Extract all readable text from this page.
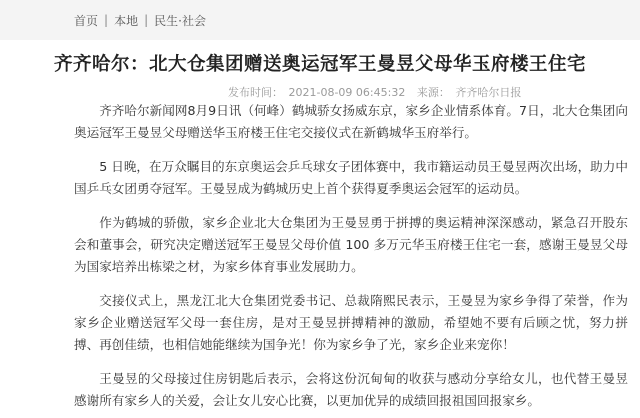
首页 | 本地 | 民生·社会
齐齐哈尔：北大仓集团赠送奥运冠军王曼昱父母华玉府楼王住宅
发布时间：　2021-08-09 06:45:32 来源：　齐齐哈尔日报

齐齐哈尔新闻网8月9日讯（何峰）鹤城骄女扬威东京，家乡企业情系体育。7日，北大仓集团向奥运冠军王曼昱父母赠送华玉府楼王住宅交接仪式在新鹤城华玉府举行。

5 日晚，在万众瞩目的东京奥运会乒乓球女子团体赛中，我市籍运动员王曼昱两次出场，助力中国乒乓女团勇夺冠军。王曼昱成为鹤城历史上首个获得夏季奥运会冠军的运动员。

作为鹤城的骄傲，家乡企业北大仓集团为王曼昱勇于拼搏的奥运精神深深感动，紧急召开股东会和董事会，研究决定赠送冠军王曼昱父母价值 100 多万元华玉府楼王住宅一套，感谢王曼昱父母为国家培养出栋梁之材，为家乡体育事业发展助力。

交接仪式上，黑龙江北大仓集团党委书记、总裁隋熙民表示，王曼昱为家乡争得了荣誉，作为家乡企业赠送冠军父母一套住房，是对王曼昱拼搏精神的激励，希望她不要有后顾之忧，努力拼搏、再创佳绩，也相信她能继续为国争光！你为家乡争了光，家乡企业来宠你！

王曼昱的父母接过住房钥匙后表示，会将这份沉甸甸的收获与感动分享给女儿，也代替王曼昱感谢所有家乡人的关爱，会让女儿安心比赛，以更加优异的成绩回报祖国回报家乡。
